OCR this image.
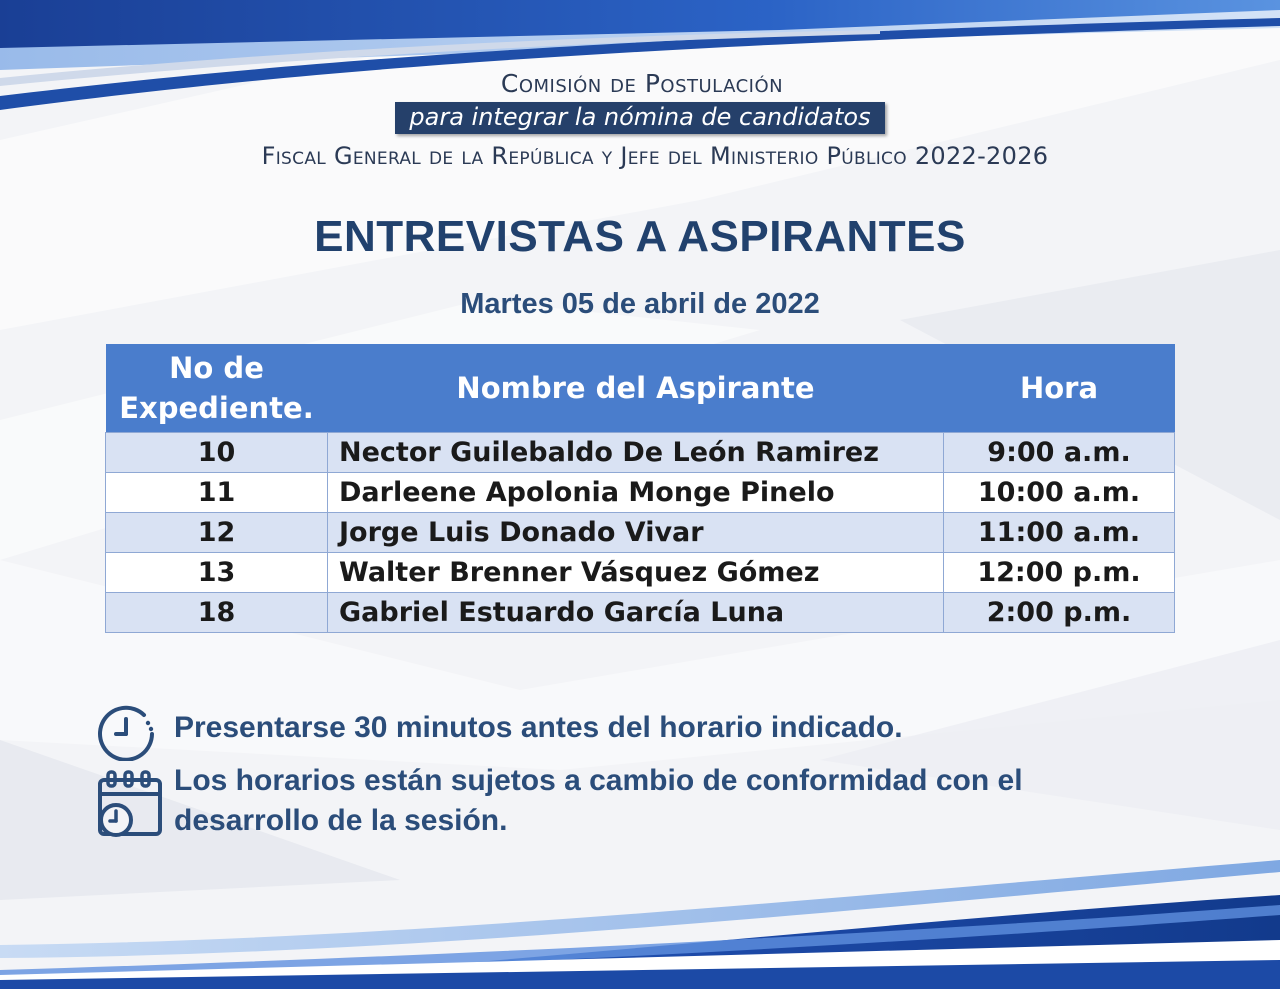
Comisión de Postulación
para integrar la nómina de candidatos
Fiscal General de la República y Jefe del Ministerio Público 2022-2026
ENTREVISTAS A ASPIRANTES
Martes 05 de abril de 2022
No de
Expediente.	Nombre del Aspirante	Hora
10	Nector Guilebaldo De León Ramirez	9:00 a.m.
11	Darleene Apolonia Monge Pinelo	10:00 a.m.
12	Jorge Luis Donado Vivar	11:00 a.m.
13	Walter Brenner Vásquez Gómez	12:00 p.m.
18	Gabriel Estuardo García Luna	2:00 p.m.
Presentarse 30 minutos antes del horario indicado.
Los horarios están sujetos a cambio de conformidad con el
desarrollo de la sesión.
